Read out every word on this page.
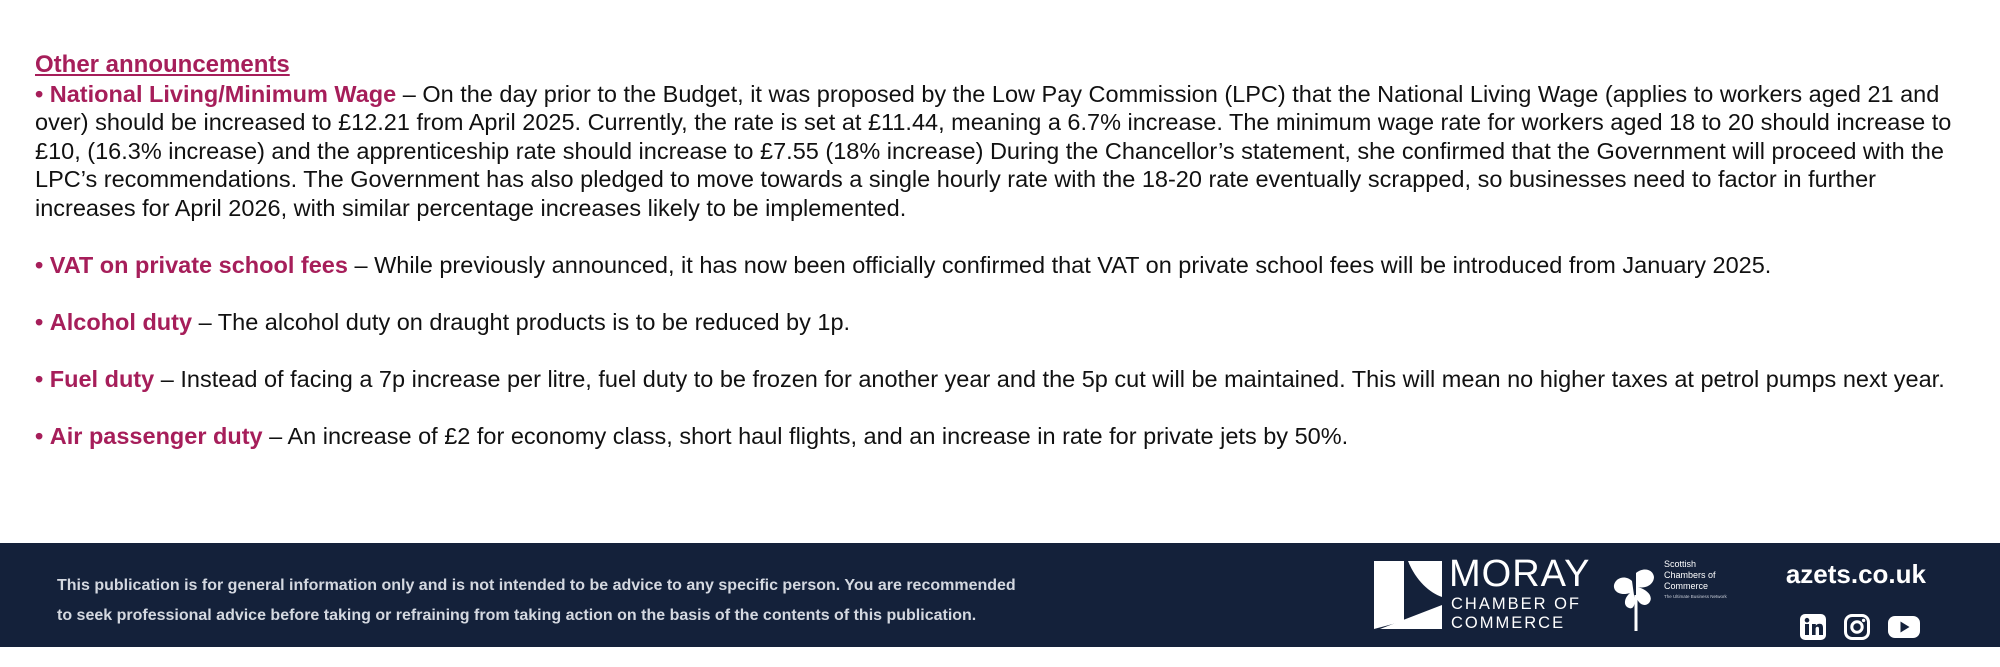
Other announcements
• National Living/Minimum Wage – On the day prior to the Budget, it was proposed by the Low Pay Commission (LPC) that the National Living Wage (applies to workers aged 21 and over) should be increased to £12.21 from April 2025. Currently, the rate is set at £11.44, meaning a 6.7% increase. The minimum wage rate for workers aged 18 to 20 should increase to £10, (16.3% increase) and the apprenticeship rate should increase to £7.55 (18% increase) During the Chancellor’s statement, she confirmed that the Government will proceed with the LPC’s recommendations. The Government has also pledged to move towards a single hourly rate with the 18-20 rate eventually scrapped, so businesses need to factor in further increases for April 2026, with similar percentage increases likely to be implemented.
• VAT on private school fees – While previously announced, it has now been officially confirmed that VAT on private school fees will be introduced from January 2025.
• Alcohol duty – The alcohol duty on draught products is to be reduced by 1p.
• Fuel duty – Instead of facing a 7p increase per litre, fuel duty to be frozen for another year and the 5p cut will be maintained. This will mean no higher taxes at petrol pumps next year.
• Air passenger duty – An increase of £2 for economy class, short haul flights, and an increase in rate for private jets by 50%.
This publication is for general information only and is not intended to be advice to any specific person. You are recommended
to seek professional advice before taking or refraining from taking action on the basis of the contents of this publication.
MORAY
CHAMBER OF
COMMERCE
Scottish
Chambers of
Commerce
The Ultimate Business Network
azets.co.uk
